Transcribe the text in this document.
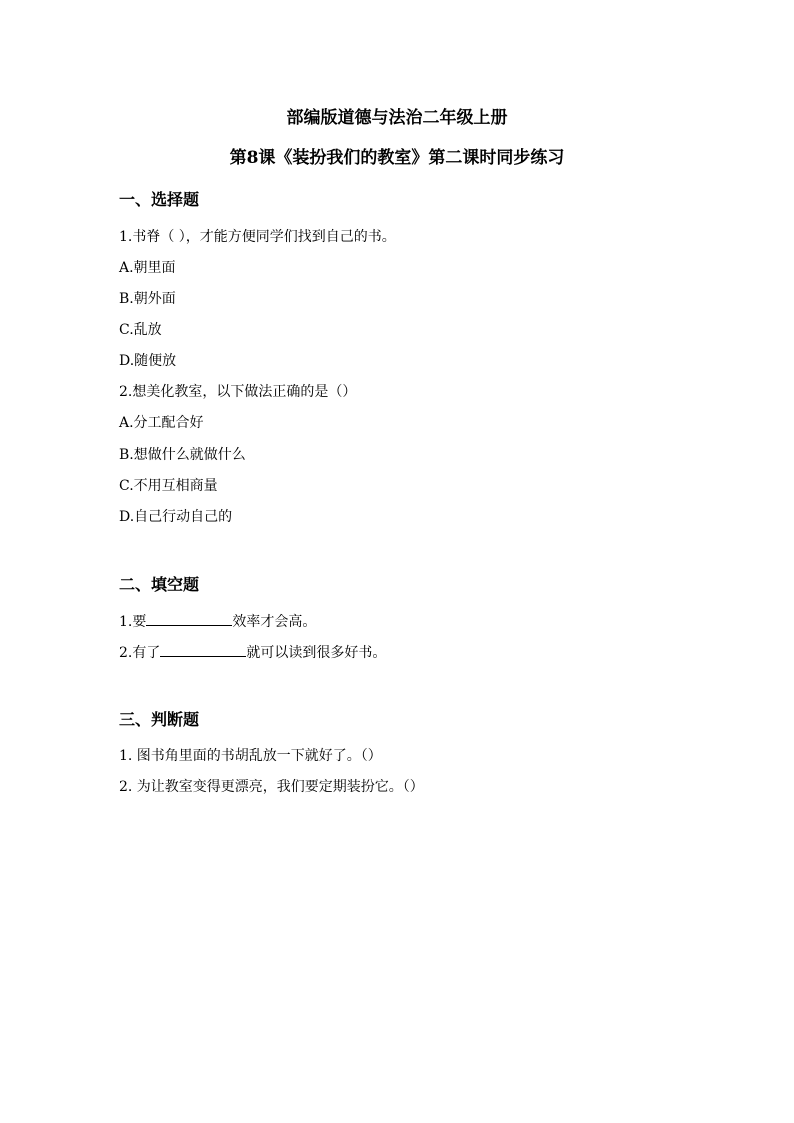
部编版道德与法治二年级上册
第8课《装扮我们的教室》第二课时同步练习
一、选择题
1.书脊（ ），才能方便同学们找到自己的书。
A.朝里面
B.朝外面
C.乱放
D.随便放
2.想美化教室，以下做法正确的是（）
A.分工配合好
B.想做什么就做什么
C.不用互相商量
D.自己行动自己的
二、填空题
1.要	效率才会高。
2.有了	就可以读到很多好书。
三、判断题
1. 图书角里面的书胡乱放一下就好了。（）
2. 为让教室变得更漂亮，我们要定期装扮它。（）
